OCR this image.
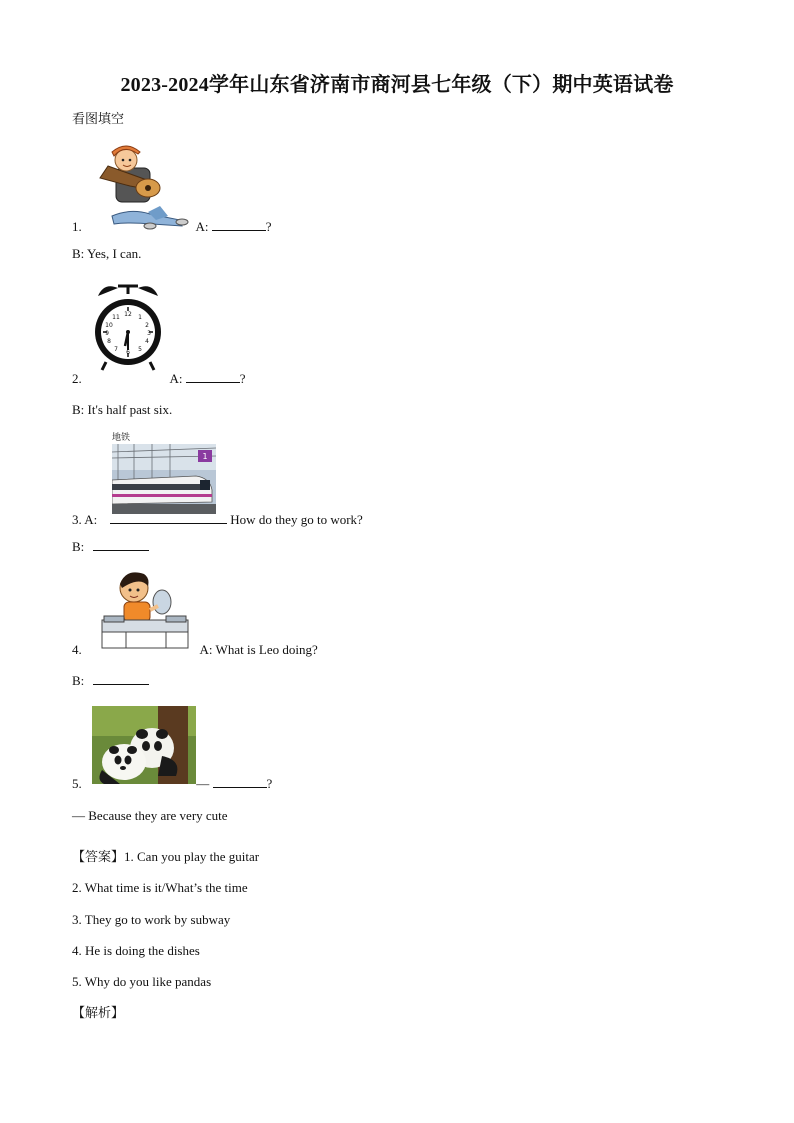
2023-2024学年山东省济南市商河县七年级（下）期中英语试卷
看图填空
1.	A:	?
B: Yes, I can.
12 1
2
3
4
5
6
7
8
9
10
11
2.	A:	?
B: It's half past six.
地铁
1
3. A:	How do they go to work?
B:
4.	A: What is Leo doing?
B:
5.	—	?
— Because they are very cute
【答案】1. Can you play the guitar
2. What time is it/What’s the time
3. They go to work by subway
4. He is doing the dishes
5. Why do you like pandas
【解析】
